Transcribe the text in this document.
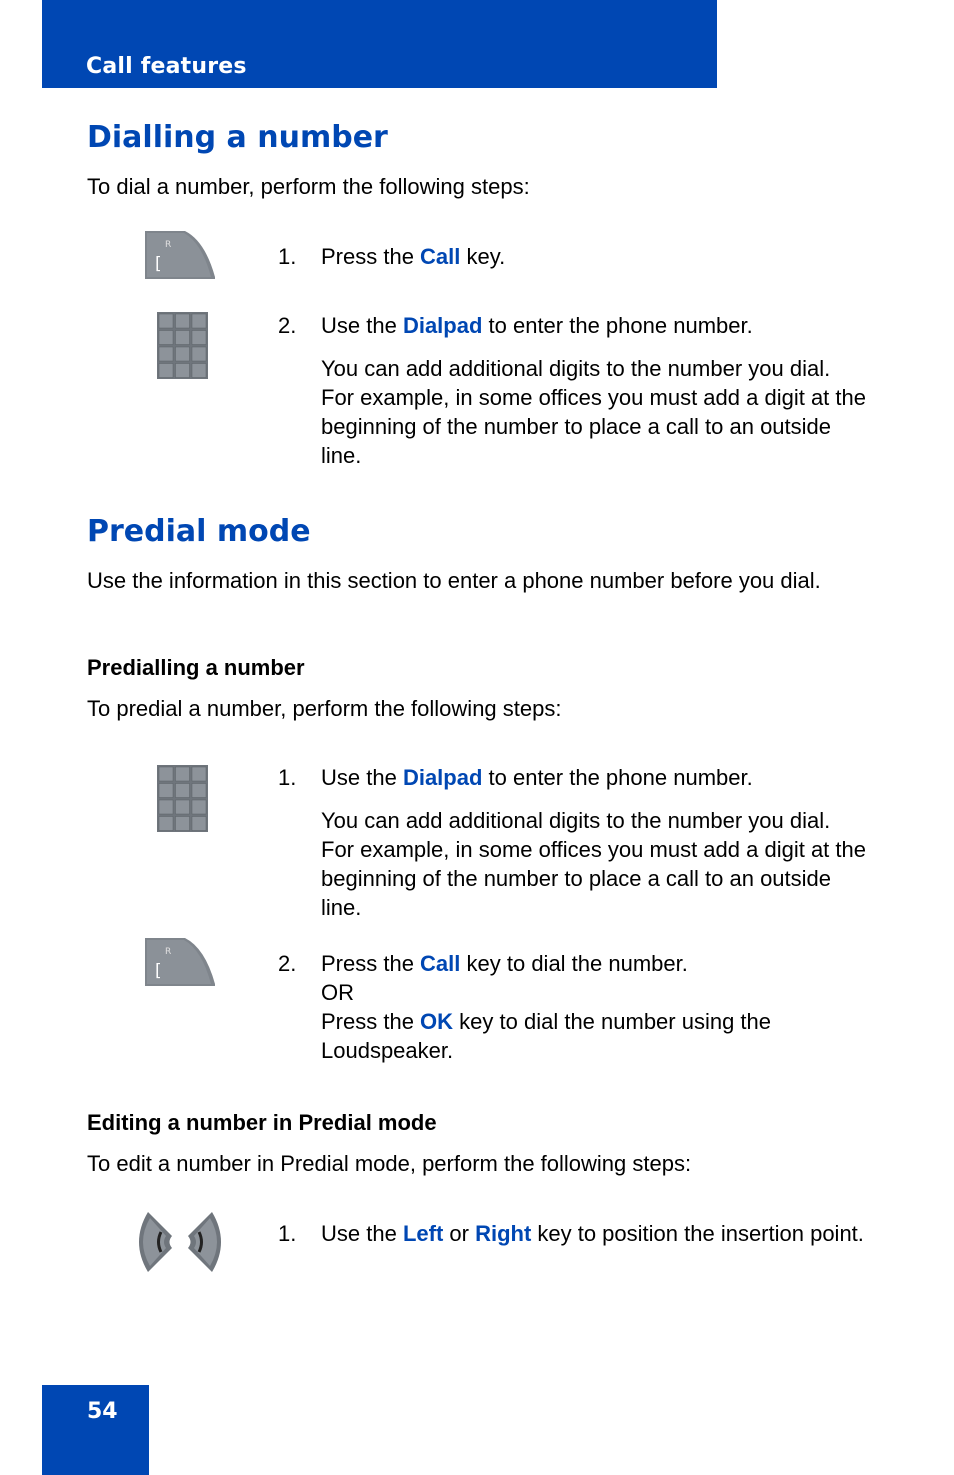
Call features
Dialling a number

To dial a number, perform the following steps:

R
[	1. Press the Call key.
2. Use the Dialpad to enter the phone number.
You can add additional digits to the number you dial. For example, in some offices you must add a digit at the beginning of the number to place a call to an outside line.
Predial mode

Use the information in this section to enter a phone number before you dial.

Predialling a number

To predial a number, perform the following steps:

1. Use the Dialpad to enter the phone number.
You can add additional digits to the number you dial. For example, in some offices you must add a digit at the beginning of the number to place a call to an outside line.
R
[	2. Press the Call key to dial the number.
OR
Press the OK key to dial the number using the Loudspeaker.
Editing a number in Predial mode

To edit a number in Predial mode, perform the following steps:

1. Use the Left or Right key to position the insertion point.
54
